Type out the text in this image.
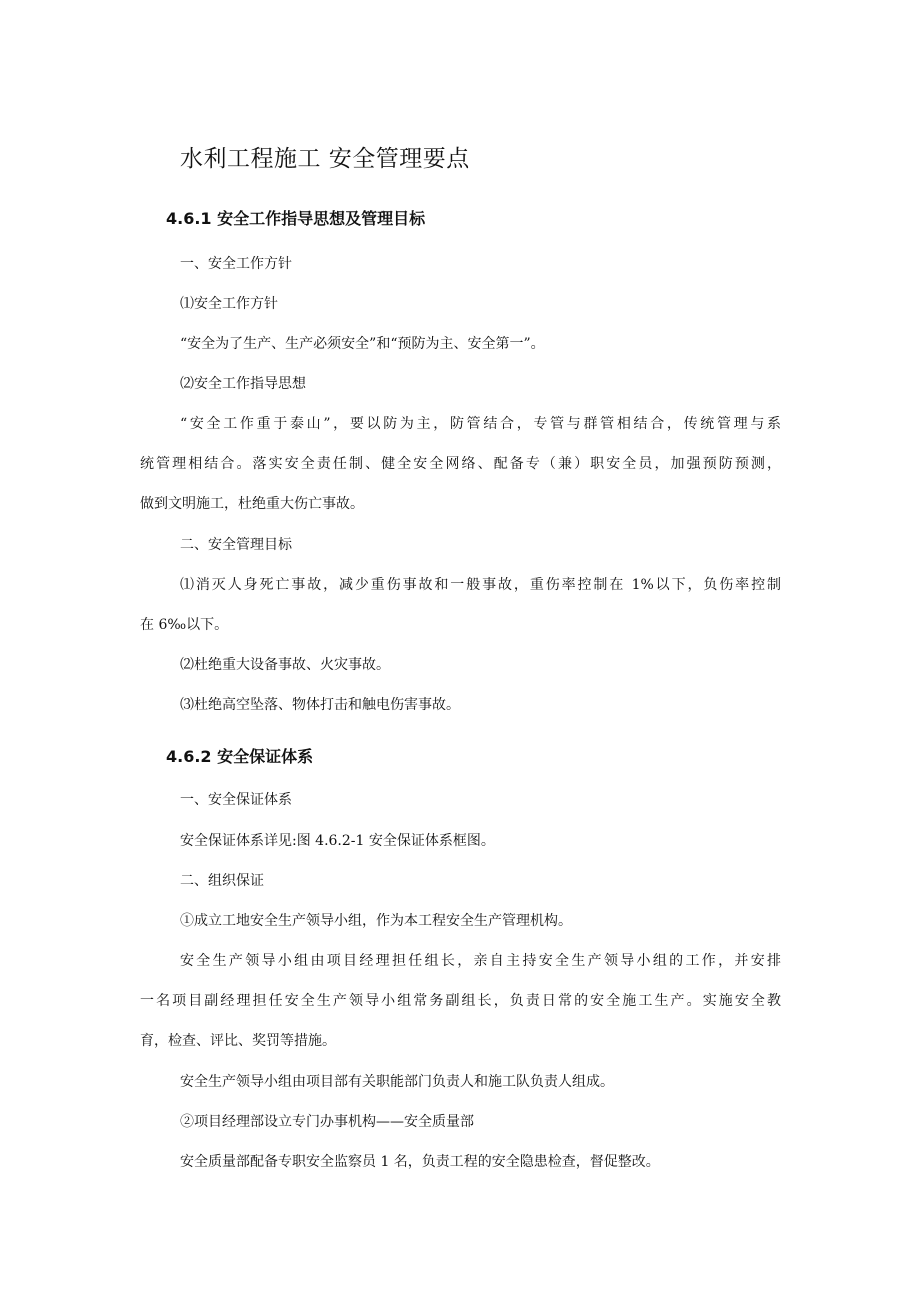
水利工程施工 安全管理要点
4.6.1 安全工作指导思想及管理目标

一、安全工作方针

⑴安全工作方针

“安全为了生产、生产必须安全”和“预防为主、安全第一”。

⑵安全工作指导思想

“安全工作重于泰山”，要以防为主，防管结合，专管与群管相结合，传统管理与系

统管理相结合。落实安全责任制、健全安全网络、配备专（兼）职安全员，加强预防预测，

做到文明施工，杜绝重大伤亡事故。

二、安全管理目标

⑴消灭人身死亡事故，减少重伤事故和一般事故，重伤率控制在 1%以下，负伤率控制

在 6‰以下。

⑵杜绝重大设备事故、火灾事故。

⑶杜绝高空坠落、物体打击和触电伤害事故。

4.6.2 安全保证体系

一、安全保证体系

安全保证体系详见:图 4.6.2-1 安全保证体系框图。

二、组织保证

①成立工地安全生产领导小组，作为本工程安全生产管理机构。

安全生产领导小组由项目经理担任组长，亲自主持安全生产领导小组的工作，并安排

一名项目副经理担任安全生产领导小组常务副组长，负责日常的安全施工生产。实施安全教

育，检查、评比、奖罚等措施。

安全生产领导小组由项目部有关职能部门负责人和施工队负责人组成。

②项目经理部设立专门办事机构——安全质量部

安全质量部配备专职安全监察员 1 名，负责工程的安全隐患检查，督促整改。
